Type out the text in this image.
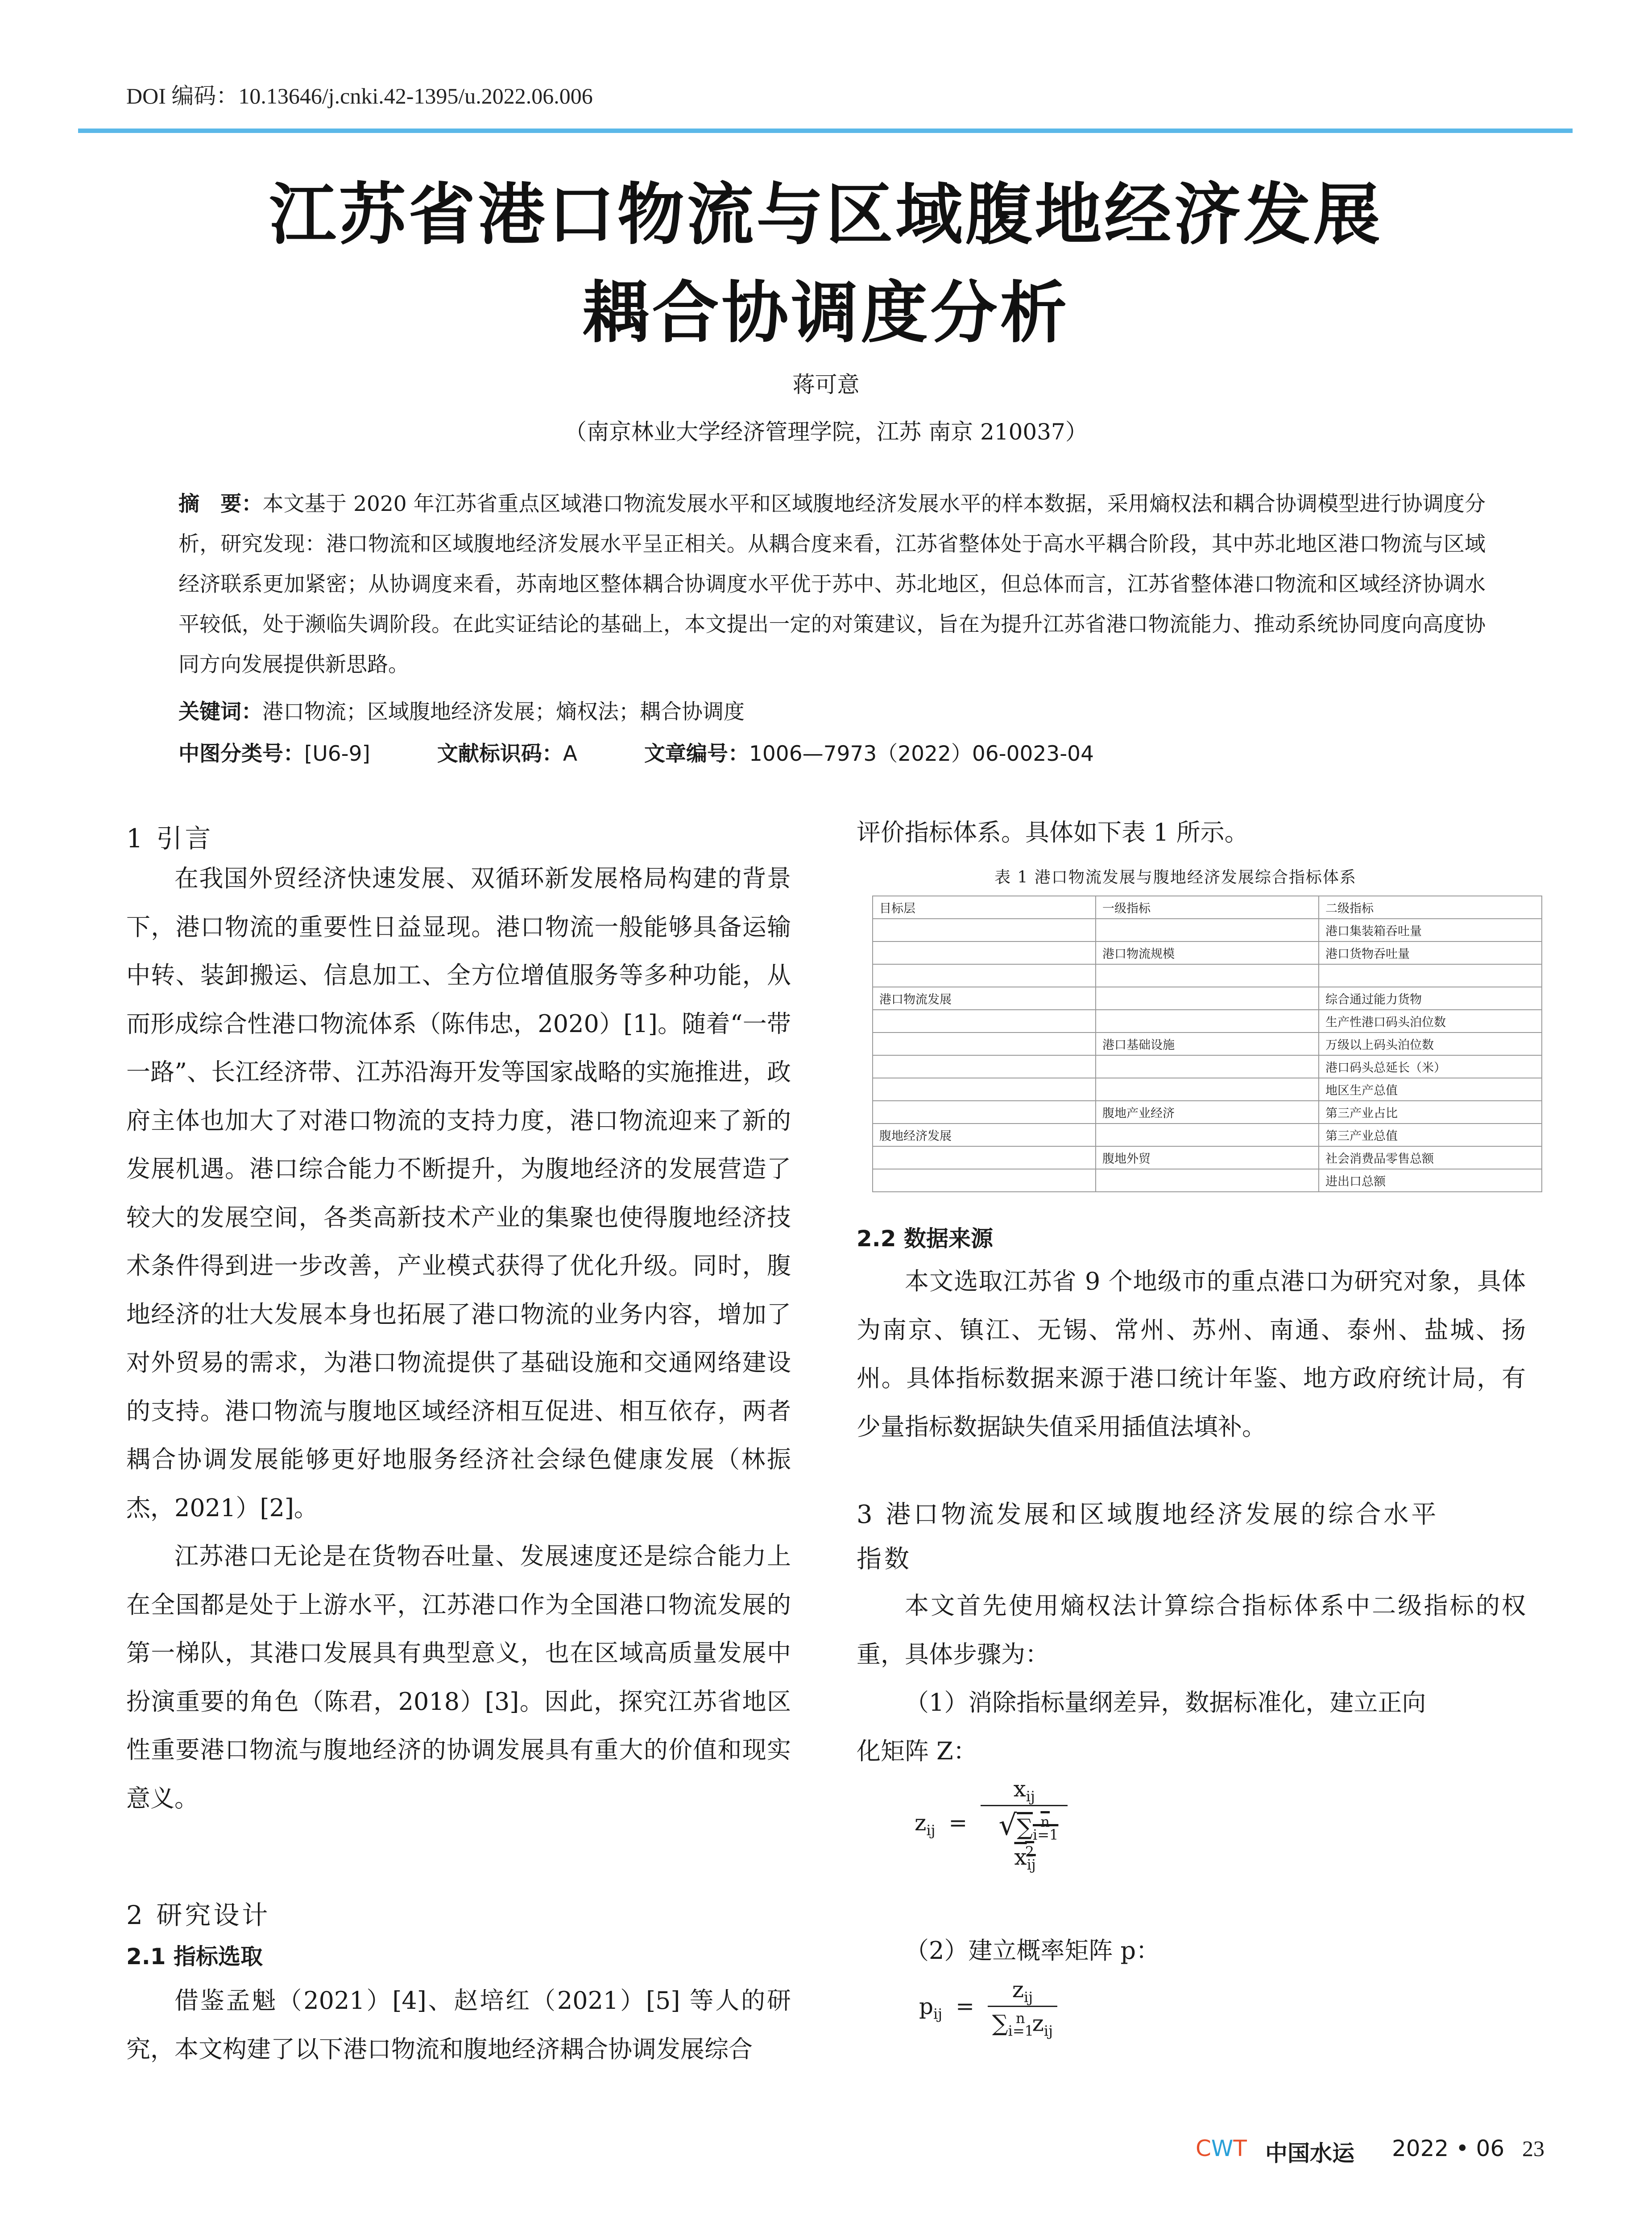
DOI 编码：10.13646/j.cnki.42-1395/u.2022.06.006
江苏省港口物流与区域腹地经济发展
耦合协调度分析
蒋可意
（南京林业大学经济管理学院，江苏 南京 210037）
摘　要：本文基于 2020 年江苏省重点区域港口物流发展水平和区域腹地经济发展水平的样本数据，采用熵权法和耦合协调模型进行协调度分析，研究发现：港口物流和区域腹地经济发展水平呈正相关。从耦合度来看，江苏省整体处于高水平耦合阶段，其中苏北地区港口物流与区域经济联系更加紧密；从协调度来看，苏南地区整体耦合协调度水平优于苏中、苏北地区，但总体而言，江苏省整体港口物流和区域经济协调水平较低，处于濒临失调阶段。在此实证结论的基础上，本文提出一定的对策建议，旨在为提升江苏省港口物流能力、推动系统协同度向高度协同方向发展提供新思路。
关键词：港口物流；区域腹地经济发展；熵权法；耦合协调度
中图分类号：[U6-9]	文献标识码：A	文章编号：1006—7973（2022）06-0023-04
1 引言

在我国外贸经济快速发展、双循环新发展格局构建的背景下，港口物流的重要性日益显现。港口物流一般能够具备运输中转、装卸搬运、信息加工、全方位增值服务等多种功能，从而形成综合性港口物流体系（陈伟忠，2020）[1]。随着“一带一路”、长江经济带、江苏沿海开发等国家战略的实施推进，政府主体也加大了对港口物流的支持力度，港口物流迎来了新的发展机遇。港口综合能力不断提升，为腹地经济的发展营造了较大的发展空间，各类高新技术产业的集聚也使得腹地经济技术条件得到进一步改善，产业模式获得了优化升级。同时，腹地经济的壮大发展本身也拓展了港口物流的业务内容，增加了对外贸易的需求，为港口物流提供了基础设施和交通网络建设的支持。港口物流与腹地区域经济相互促进、相互依存，两者耦合协调发展能够更好地服务经济社会绿色健康发展（林振杰，2021）[2]。

江苏港口无论是在货物吞吐量、发展速度还是综合能力上在全国都是处于上游水平，江苏港口作为全国港口物流发展的第一梯队，其港口发展具有典型意义，也在区域高质量发展中扮演重要的角色（陈君，2018）[3]。因此，探究江苏省地区性重要港口物流与腹地经济的协调发展具有重大的价值和现实意义。

2 研究设计
2.1 指标选取

借鉴孟魁（2021）[4]、赵培红（2021）[5] 等人的研究，本文构建了以下港口物流和腹地经济耦合协调发展综合

评价指标体系。具体如下表 1 所示。

表 1 港口物流发展与腹地经济发展综合指标体系
目标层	一级指标	二级指标
		港口集装箱吞吐量
	港口物流规模	港口货物吞吐量

港口物流发展		综合通过能力货物
		生产性港口码头泊位数
	港口基础设施	万级以上码头泊位数
		港口码头总延长（米）
		地区生产总值
	腹地产业经济	第三产业占比
腹地经济发展		第三产业总值
	腹地外贸	社会消费品零售总额
		进出口总额
2.2 数据来源

本文选取江苏省 9 个地级市的重点港口为研究对象，具体为南京、镇江、无锡、常州、苏州、南通、泰州、盐城、扬州。具体指标数据来源于港口统计年鉴、地方政府统计局，有少量指标数据缺失值采用插值法填补。

3 港口物流发展和区域腹地经济发展的综合水平
指数

本文首先使用熵权法计算综合指标体系中二级指标的权重，具体步骤为：

（1）消除指标量纲差异，数据标准化，建立正向

化矩阵 Z：

$z_{ij} = \frac{x_{ij}}{√\sum_{i=1}^n x_{ij}^2}$

（2）建立概率矩阵 p：

$p_{ij} = \frac{z_{ij}}{\sum_{i=1}^n z_{ij}}$
CWT 中国水运 2022 • 06 23
